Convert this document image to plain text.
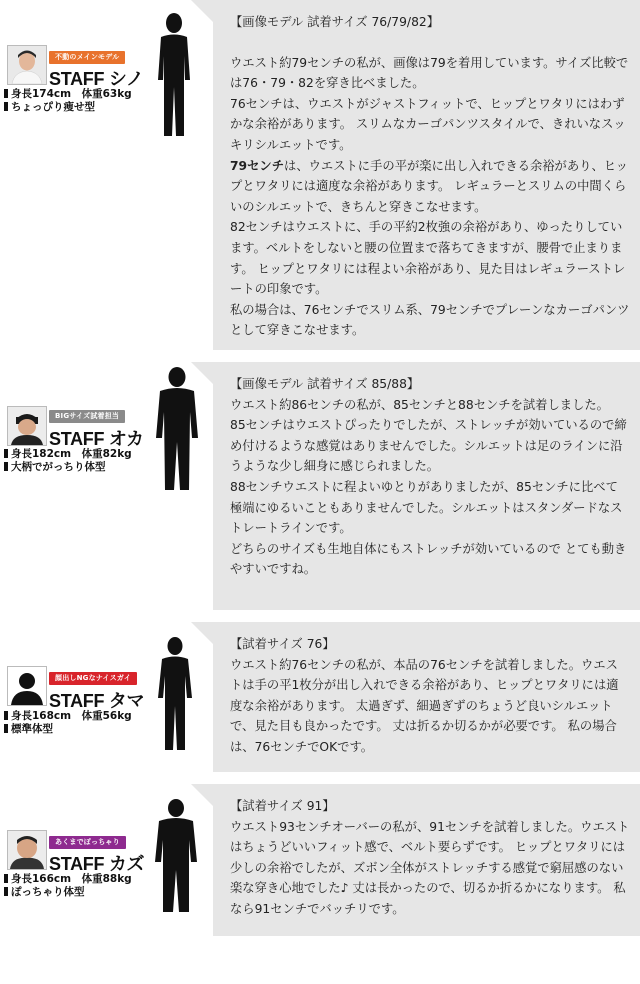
不動のメインモデル
STAFF シノ
身長174cm　体重63kg
ちょっぴり痩せ型

【画像モデル 試着サイズ 76/79/82】

ウエスト約79センチの私が、画像は79を着用しています。サイズ比較では76・79・82を穿き比べました。

76センチは、ウエストがジャストフィットで、ヒップとワタリにはわずかな余裕があります。 スリムなカーゴパンツスタイルで、きれいなスッキリシルエットです。

79センチは、ウエストに手の平が楽に出し入れできる余裕があり、ヒップとワタリには適度な余裕があります。 レギュラーとスリムの中間くらいのシルエットで、きちんと穿きこなせます。

82センチはウエストに、手の平約2枚強の余裕があり、ゆったりしています。ベルトをしないと腰の位置まで落ちてきますが、腰骨で止まります。 ヒップとワタリには程よい余裕があり、見た目はレギュラーストレートの印象です。

私の場合は、76センチでスリム系、79センチでプレーンなカーゴパンツとして穿きこなせます。

BIGサイズ試着担当
STAFF オカ
身長182cm　体重82kg
大柄でがっちり体型

【画像モデル 試着サイズ 85/88】

ウエスト約86センチの私が、85センチと88センチを試着しました。

85センチはウエストぴったりでしたが、ストレッチが効いているので締め付けるような感覚はありませんでした。シルエットは足のラインに沿うような少し細身に感じられました。

88センチウエストに程よいゆとりがありましたが、85センチに比べて極端にゆるいこともありませんでした。シルエットはスタンダードなストレートラインです。

どちらのサイズも生地自体にもストレッチが効いているので とても動きやすいですね。

顔出しNGなナイスガイ
STAFF タマ
身長168cm　体重56kg
標準体型

【試着サイズ 76】

ウエスト約76センチの私が、本品の76センチを試着しました。ウエストは手の平1枚分が出し入れできる余裕があり、ヒップとワタリには適度な余裕があります。 太過ぎず、細過ぎずのちょうど良いシルエットで、見た目も良かったです。 丈は折るか切るかが必要です。 私の場合は、76センチでOKです。

あくまでぽっちゃり
STAFF カズ
身長166cm　体重88kg
ぽっちゃり体型

【試着サイズ 91】

ウエスト93センチオーバーの私が、91センチを試着しました。ウエストはちょうどいいフィット感で、ベルト要らずです。 ヒップとワタリには少しの余裕でしたが、ズボン全体がストレッチする感覚で窮屈感のない楽な穿き心地でした♪ 丈は長かったので、切るか折るかになります。 私なら91センチでバッチリです。
